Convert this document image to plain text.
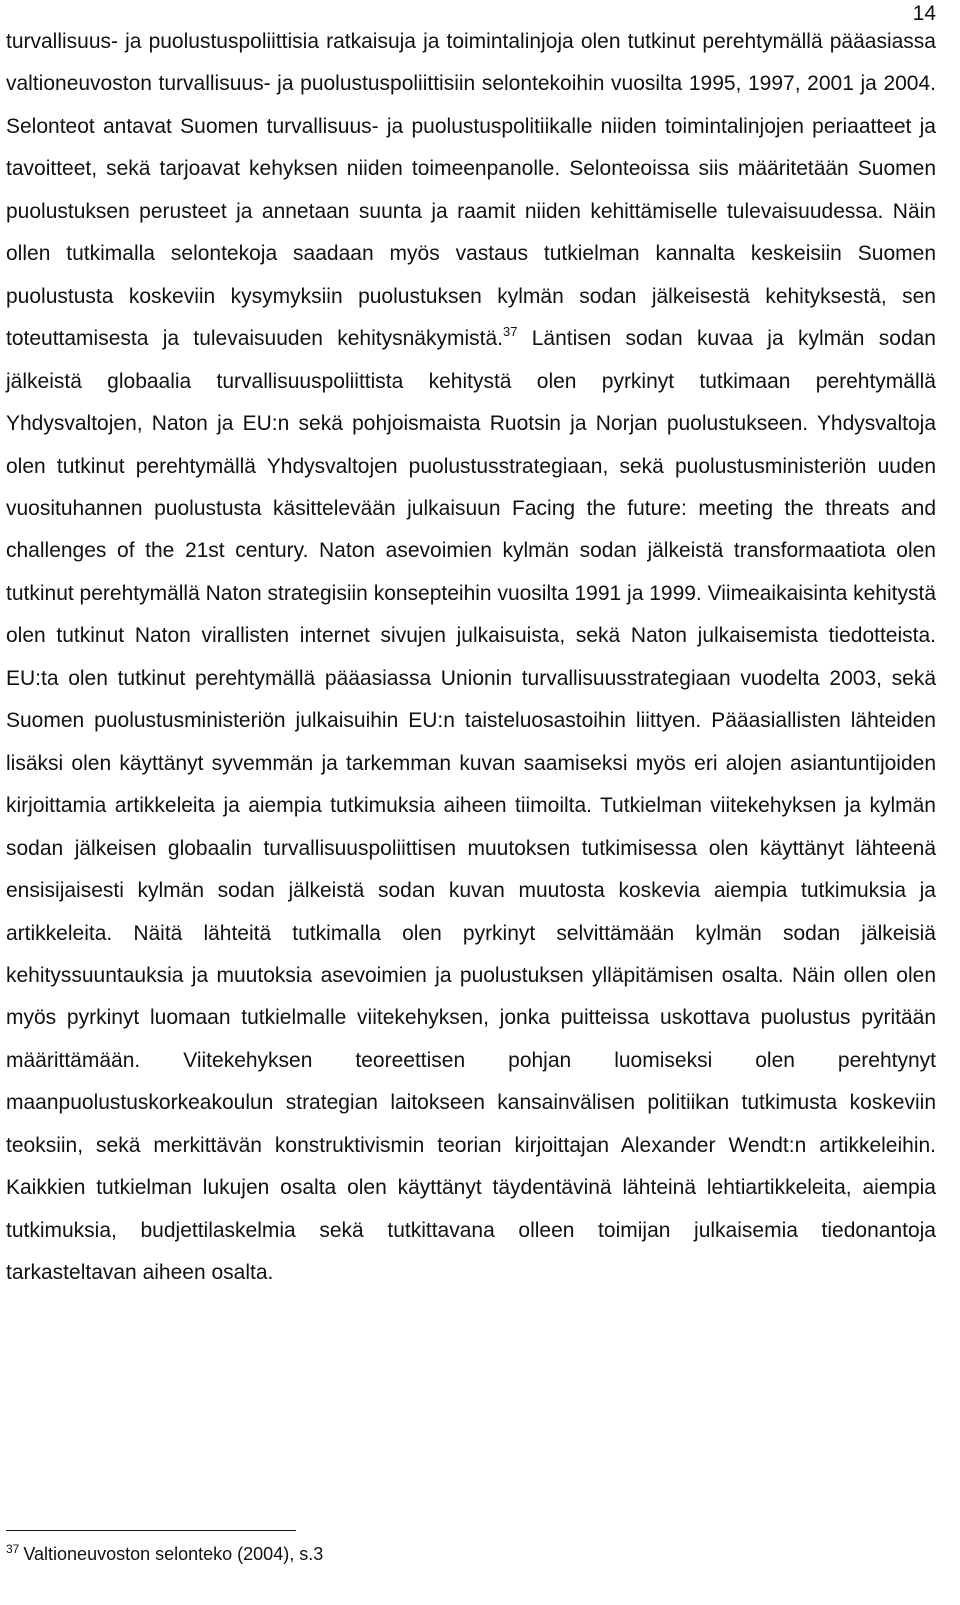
14

turvallisuus- ja puolustuspoliittisia ratkaisuja ja toimintalinjoja olen tutkinut perehtymällä pääasiassa valtioneuvoston turvallisuus- ja puolustuspoliittisiin selontekoihin vuosilta 1995, 1997, 2001 ja 2004. Selonteot antavat Suomen turvallisuus- ja puolustuspolitiikalle niiden toimintalinjojen periaatteet ja tavoitteet, sekä tarjoavat kehyksen niiden toimeenpanolle. Selonteoissa siis määritetään Suomen puolustuksen perusteet ja annetaan suunta ja raamit niiden kehittämiselle tulevaisuudessa. Näin ollen tutkimalla selontekoja saadaan myös vastaus tutkielman kannalta keskeisiin Suomen puolustusta koskeviin kysymyksiin puolustuksen kylmän sodan jälkeisestä kehityksestä, sen toteuttamisesta ja tulevaisuuden kehitysnäkymistä.$^{37}$ Läntisen sodan kuvaa ja kylmän sodan jälkeistä globaalia turvallisuuspoliittista kehitystä olen pyrkinyt tutkimaan perehtymällä Yhdysvaltojen, Naton ja EU:n sekä pohjoismaista Ruotsin ja Norjan puolustukseen. Yhdysvaltoja olen tutkinut perehtymällä Yhdysvaltojen puolustusstrategiaan, sekä puolustusministeriön uuden vuosituhannen puolustusta käsittelevään julkaisuun Facing the future: meeting the threats and challenges of the 21st century. Naton asevoimien kylmän sodan jälkeistä transformaatiota olen tutkinut perehtymällä Naton strategisiin konsepteihin vuosilta 1991 ja 1999. Viimeaikaisinta kehitystä olen tutkinut Naton virallisten internet sivujen julkaisuista, sekä Naton julkaisemista tiedotteista. EU:ta olen tutkinut perehtymällä pääasiassa Unionin turvallisuusstrategiaan vuodelta 2003, sekä Suomen puolustusministeriön julkaisuihin EU:n taisteluosastoihin liittyen. Pääasiallisten lähteiden lisäksi olen käyttänyt syvemmän ja tarkemman kuvan saamiseksi myös eri alojen asiantuntijoiden kirjoittamia artikkeleita ja aiempia tutkimuksia aiheen tiimoilta. Tutkielman viitekehyksen ja kylmän sodan jälkeisen globaalin turvallisuuspoliittisen muutoksen tutkimisessa olen käyttänyt lähteenä ensisijaisesti kylmän sodan jälkeistä sodan kuvan muutosta koskevia aiempia tutkimuksia ja artikkeleita. Näitä lähteitä tutkimalla olen pyrkinyt selvittämään kylmän sodan jälkeisiä kehityssuuntauksia ja muutoksia asevoimien ja puolustuksen ylläpitämisen osalta. Näin ollen olen myös pyrkinyt luomaan tutkielmalle viitekehyksen, jonka puitteissa uskottava puolustus pyritään määrittämään. Viitekehyksen teoreettisen pohjan luomiseksi olen perehtynyt maanpuolustuskorkeakoulun strategian laitokseen kansainvälisen politiikan tutkimusta koskeviin teoksiin, sekä merkittävän konstruktivismin teorian kirjoittajan Alexander Wendt:n artikkeleihin. Kaikkien tutkielman lukujen osalta olen käyttänyt täydentävinä lähteinä lehtiartikkeleita, aiempia tutkimuksia, budjettilaskelmia sekä tutkittavana olleen toimijan julkaisemia tiedonantoja tarkasteltavan aiheen osalta.

$^{37}$ Valtioneuvoston selonteko (2004), s.3
